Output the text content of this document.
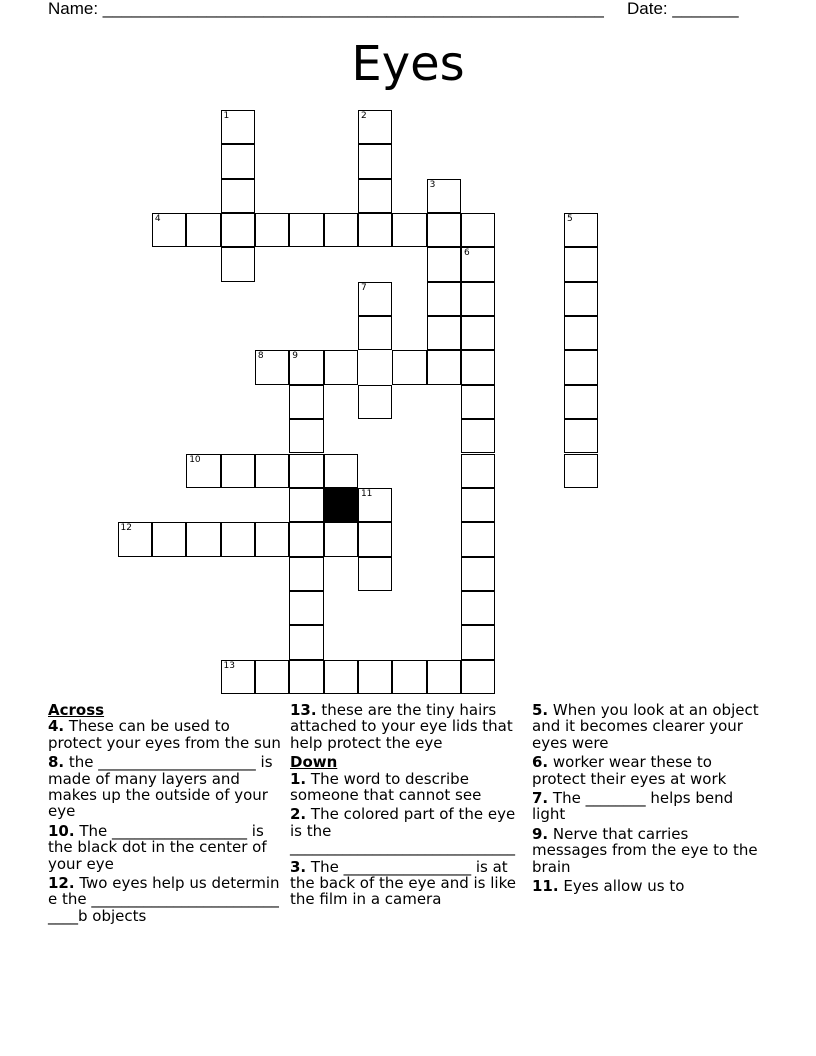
Name: _____________________________________________________ Date: _______
Eyes
1	2
3
4	5
6
7
8	9
10
11
12
13
Across
4. These can be used to protect your eyes from the sun
8. the _____________________ is made of many layers and makes up the outside of your eye
10. The __________________ is the black dot in the center of your eye
12. Two eyes help us determine the _____________________________b objects
13. these are the tiny hairs attached to your eye lids that help protect the eye
Down
1. The word to describe someone that cannot see
2. The colored part of the eye is the ______________________________
3. The _________________ is at the back of the eye and is like the film in a camera
5. When you look at an object and it becomes clearer your eyes were
6. worker wear these to protect their eyes at work
7. The ________ helps bend light
9. Nerve that carries messages from the eye to the brain
11. Eyes allow us to
